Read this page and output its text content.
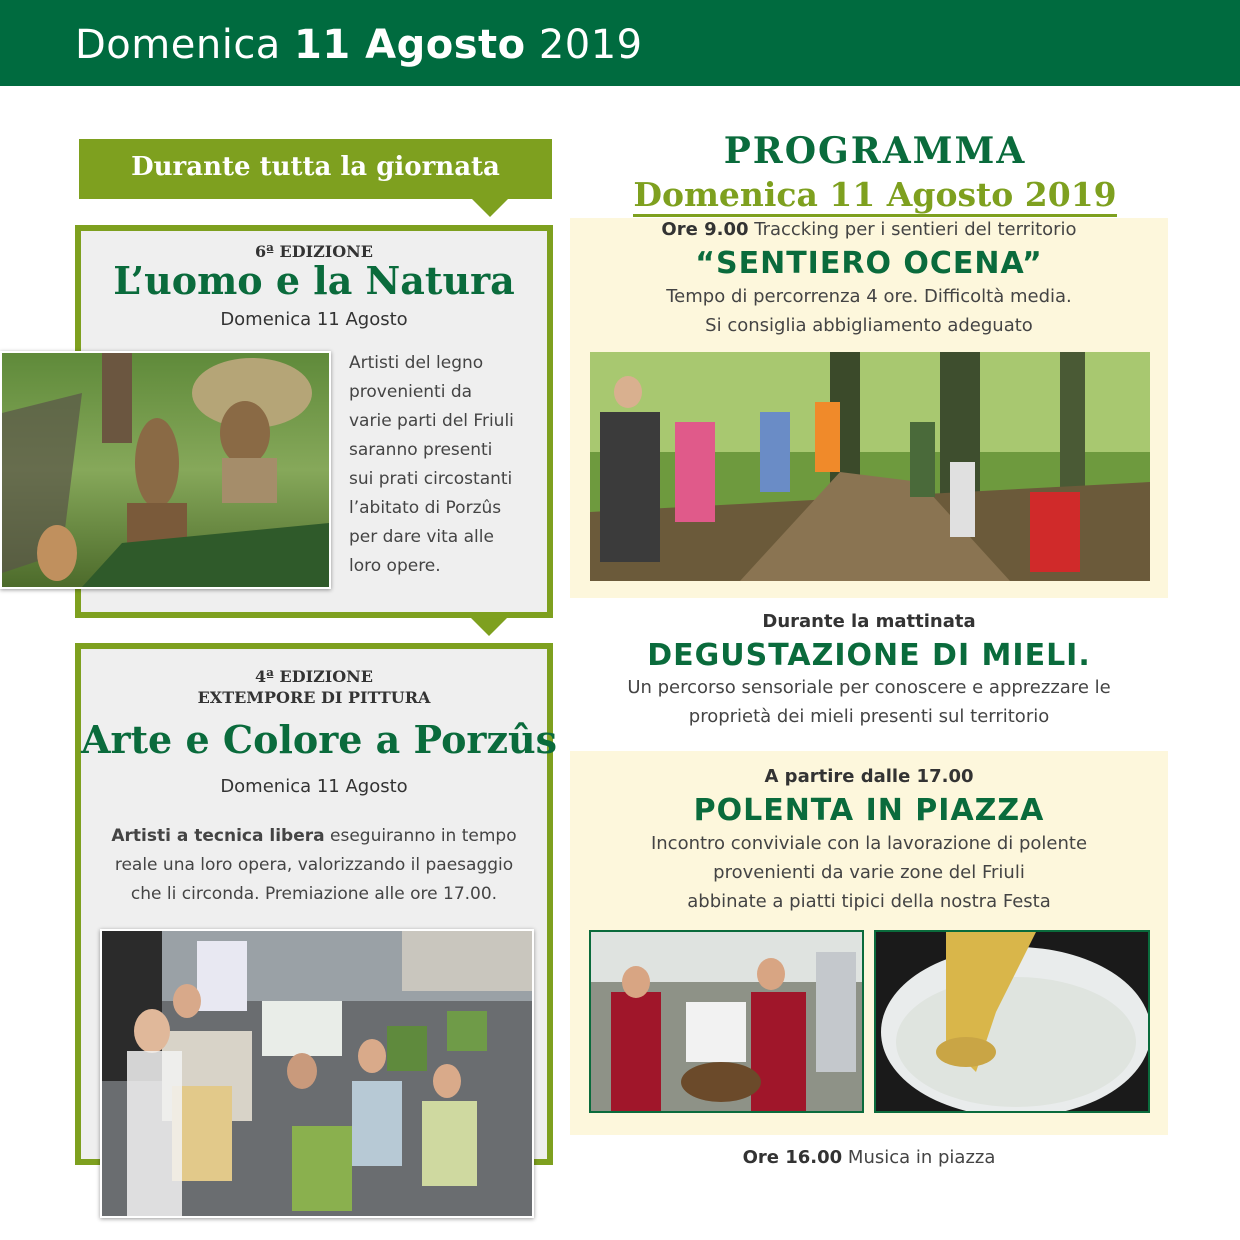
Domenica 11 Agosto 2019
Durante tutta la giornata
6ª EDIZIONE
L’uomo e la Natura
Domenica 11 Agosto
Artisti del legno
provenienti da
varie parti del Friuli
saranno presenti
sui prati circostanti
l’abitato di Porzûs
per dare vita alle
loro opere.
4ª EDIZIONE
EXTEMPORE DI PITTURA
Arte e Colore a Porzûs
Domenica 11 Agosto
Artisti a tecnica libera eseguiranno in tempo
reale una loro opera, valorizzando il paesaggio
che li circonda. Premiazione alle ore 17.00.
PROGRAMMA
Domenica 11 Agosto 2019
Ore 9.00 Traccking per i sentieri del territorio
“SENTIERO OCENA”
Tempo di percorrenza 4 ore. Difficoltà media.
Si consiglia abbigliamento adeguato
Durante la mattinata
DEGUSTAZIONE DI MIELI.
Un percorso sensoriale per conoscere e apprezzare le
proprietà dei mieli presenti sul territorio
A partire dalle 17.00
POLENTA IN PIAZZA
Incontro conviviale con la lavorazione di polente
provenienti da varie zone del Friuli
abbinate a piatti tipici della nostra Festa
Ore 16.00 Musica in piazza
